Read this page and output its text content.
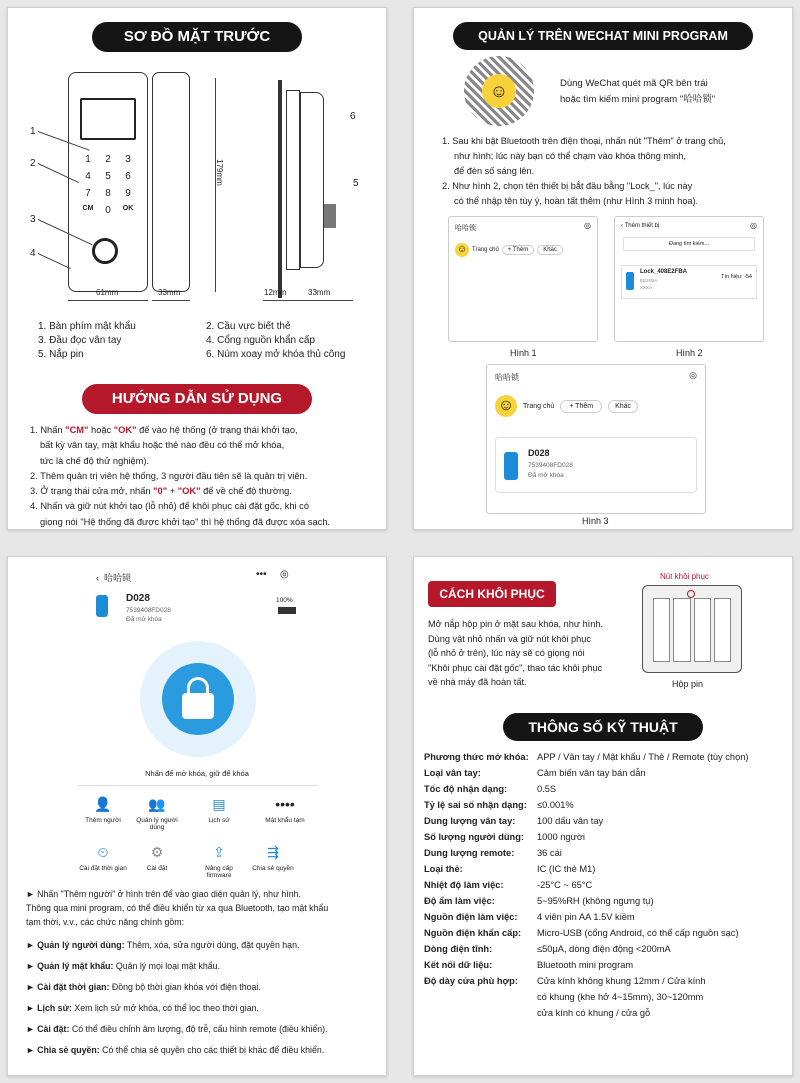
SƠ ĐỒ MẶT TRƯỚC
1	2	3
4	5	6
7	8	9
CM	0	OK
1
2
3
4
61mm	33mm
179mm
6
5
12mm	33mm
1. Bàn phím mật khẩu	2. Cầu vực biết thẻ
3. Đầu đọc vân tay	4. Cổng nguồn khẩn cấp
5. Nắp pin	6. Núm xoay mở khóa thủ công
HƯỚNG DẪN SỬ DỤNG
1. Nhấn "CM" hoặc "OK" để vào hệ thống (ở trạng thái khởi tạo,
bất kỳ vân tay, mật khẩu hoặc thẻ nào đều có thể mở khóa,
tức là chế độ thử nghiệm).
2. Thêm quản trị viên hệ thống, 3 người đầu tiên sẽ là quản trị viên.
3. Ở trạng thái cửa mở, nhấn "0" + "OK" để về chế độ thường.
4. Nhấn và giữ nút khởi tạo (lỗ nhỏ) để khôi phục cài đặt gốc, khi có
giọng nói "Hệ thống đã được khởi tạo" thì hệ thống đã được xóa sạch.
QUẢN LÝ TRÊN WECHAT MINI PROGRAM
☺	Dùng WeChat quét mã QR bên trái
hoặc tìm kiếm mini program "哈哈锁"
1. Sau khi bật Bluetooth trên điện thoại, nhấn nút "Thêm" ở trang chủ,
như hình; lúc này bạn có thể chạm vào khóa thông minh,
để đèn số sáng lên.
2. Như hình 2, chọn tên thiết bị bắt đầu bằng "Lock_", lúc này
có thể nhập tên tùy ý, hoàn tất thêm (như Hình 3 minh họa).
哈哈锁	◎
☺ Trang chủ	+ Thêm	Khác
Hình 1
‹ Thêm thiết bị	◎
Đang tìm kiếm...
Lock_408E2FBA
EE2FBA
XXXA
Tín hiệu: -54
Hình 2
哈哈锁	◎
☺	Trang chủ	+ Thêm	Khác
D028
7539408FD028
Đã mở khóa
Hình 3
‹  哈哈锁	••• ◎
D028
7539408FD028
Đã mở khóa
100%
Nhấn để mở khóa, giữ để khóa
👤
Thêm người
👥
Quản lý người dùng
▤
Lịch sử
••••
Mật khẩu tạm
⏲
Cài đặt thời gian
⚙
Cài đặt
⇪
Nâng cấp firmware
⇶
Chia sẻ quyền
► Nhấn "Thêm người" ở hình trên để vào giao diện quản lý, như hình.
Thông qua mini program, có thể điều khiển từ xa qua Bluetooth, tạo mật khẩu
tạm thời, v.v., các chức năng chính gồm:
► Quản lý người dùng: Thêm, xóa, sửa người dùng, đặt quyền hạn.
► Quản lý mật khẩu: Quản lý mọi loại mật khẩu.
► Cài đặt thời gian: Đồng bộ thời gian khóa với điện thoại.
► Lịch sử: Xem lịch sử mở khóa, có thể lọc theo thời gian.
► Cài đặt: Có thể điều chỉnh âm lượng, độ trễ, cấu hình remote (điều khiển).
► Chia sẻ quyền: Có thể chia sẻ quyền cho các thiết bị khác để điều khiển.
CÁCH KHÔI PHỤC
Mở nắp hộp pin ở mặt sau khóa, như hình.
Dùng vật nhỏ nhấn và giữ nút khôi phục
(lỗ nhỏ ở trên), lúc này sẽ có giọng nói
"Khôi phục cài đặt gốc", thao tác khôi phục
về nhà máy đã hoàn tất.
Nút khôi phục
Hộp pin
THÔNG SỐ KỸ THUẬT
Phương thức mở khóa: APP / Vân tay / Mật khẩu / Thẻ / Remote (tùy chọn)
Loại vân tay:	Cảm biến vân tay bán dẫn
Tốc độ nhận dạng:	0.5S
Tỷ lệ sai số nhận dạng: ≤0.001%
Dung lượng vân tay: 100 dấu vân tay
Số lượng người dùng: 1000 người
Dung lượng remote: 36 cái
Loại thẻ:	IC (IC thẻ M1)
Nhiệt độ làm việc:	-25°C ~ 65°C
Độ ẩm làm việc:	5~95%RH (không ngưng tụ)
Nguồn điện làm việc: 4 viên pin AA 1.5V kiềm
Nguồn điện khẩn cấp: Micro-USB (cổng Android, có thể cấp nguồn sạc)
Dòng điện tĩnh:	≤50μA, dòng điện động <200mA
Kết nối dữ liệu:	Bluetooth mini program
Độ dày cửa phù hợp: Cửa kính không khung 12mm / Cửa kính
có khung (khe hở 4~15mm), 30~120mm
cửa kính có khung / cửa gỗ
